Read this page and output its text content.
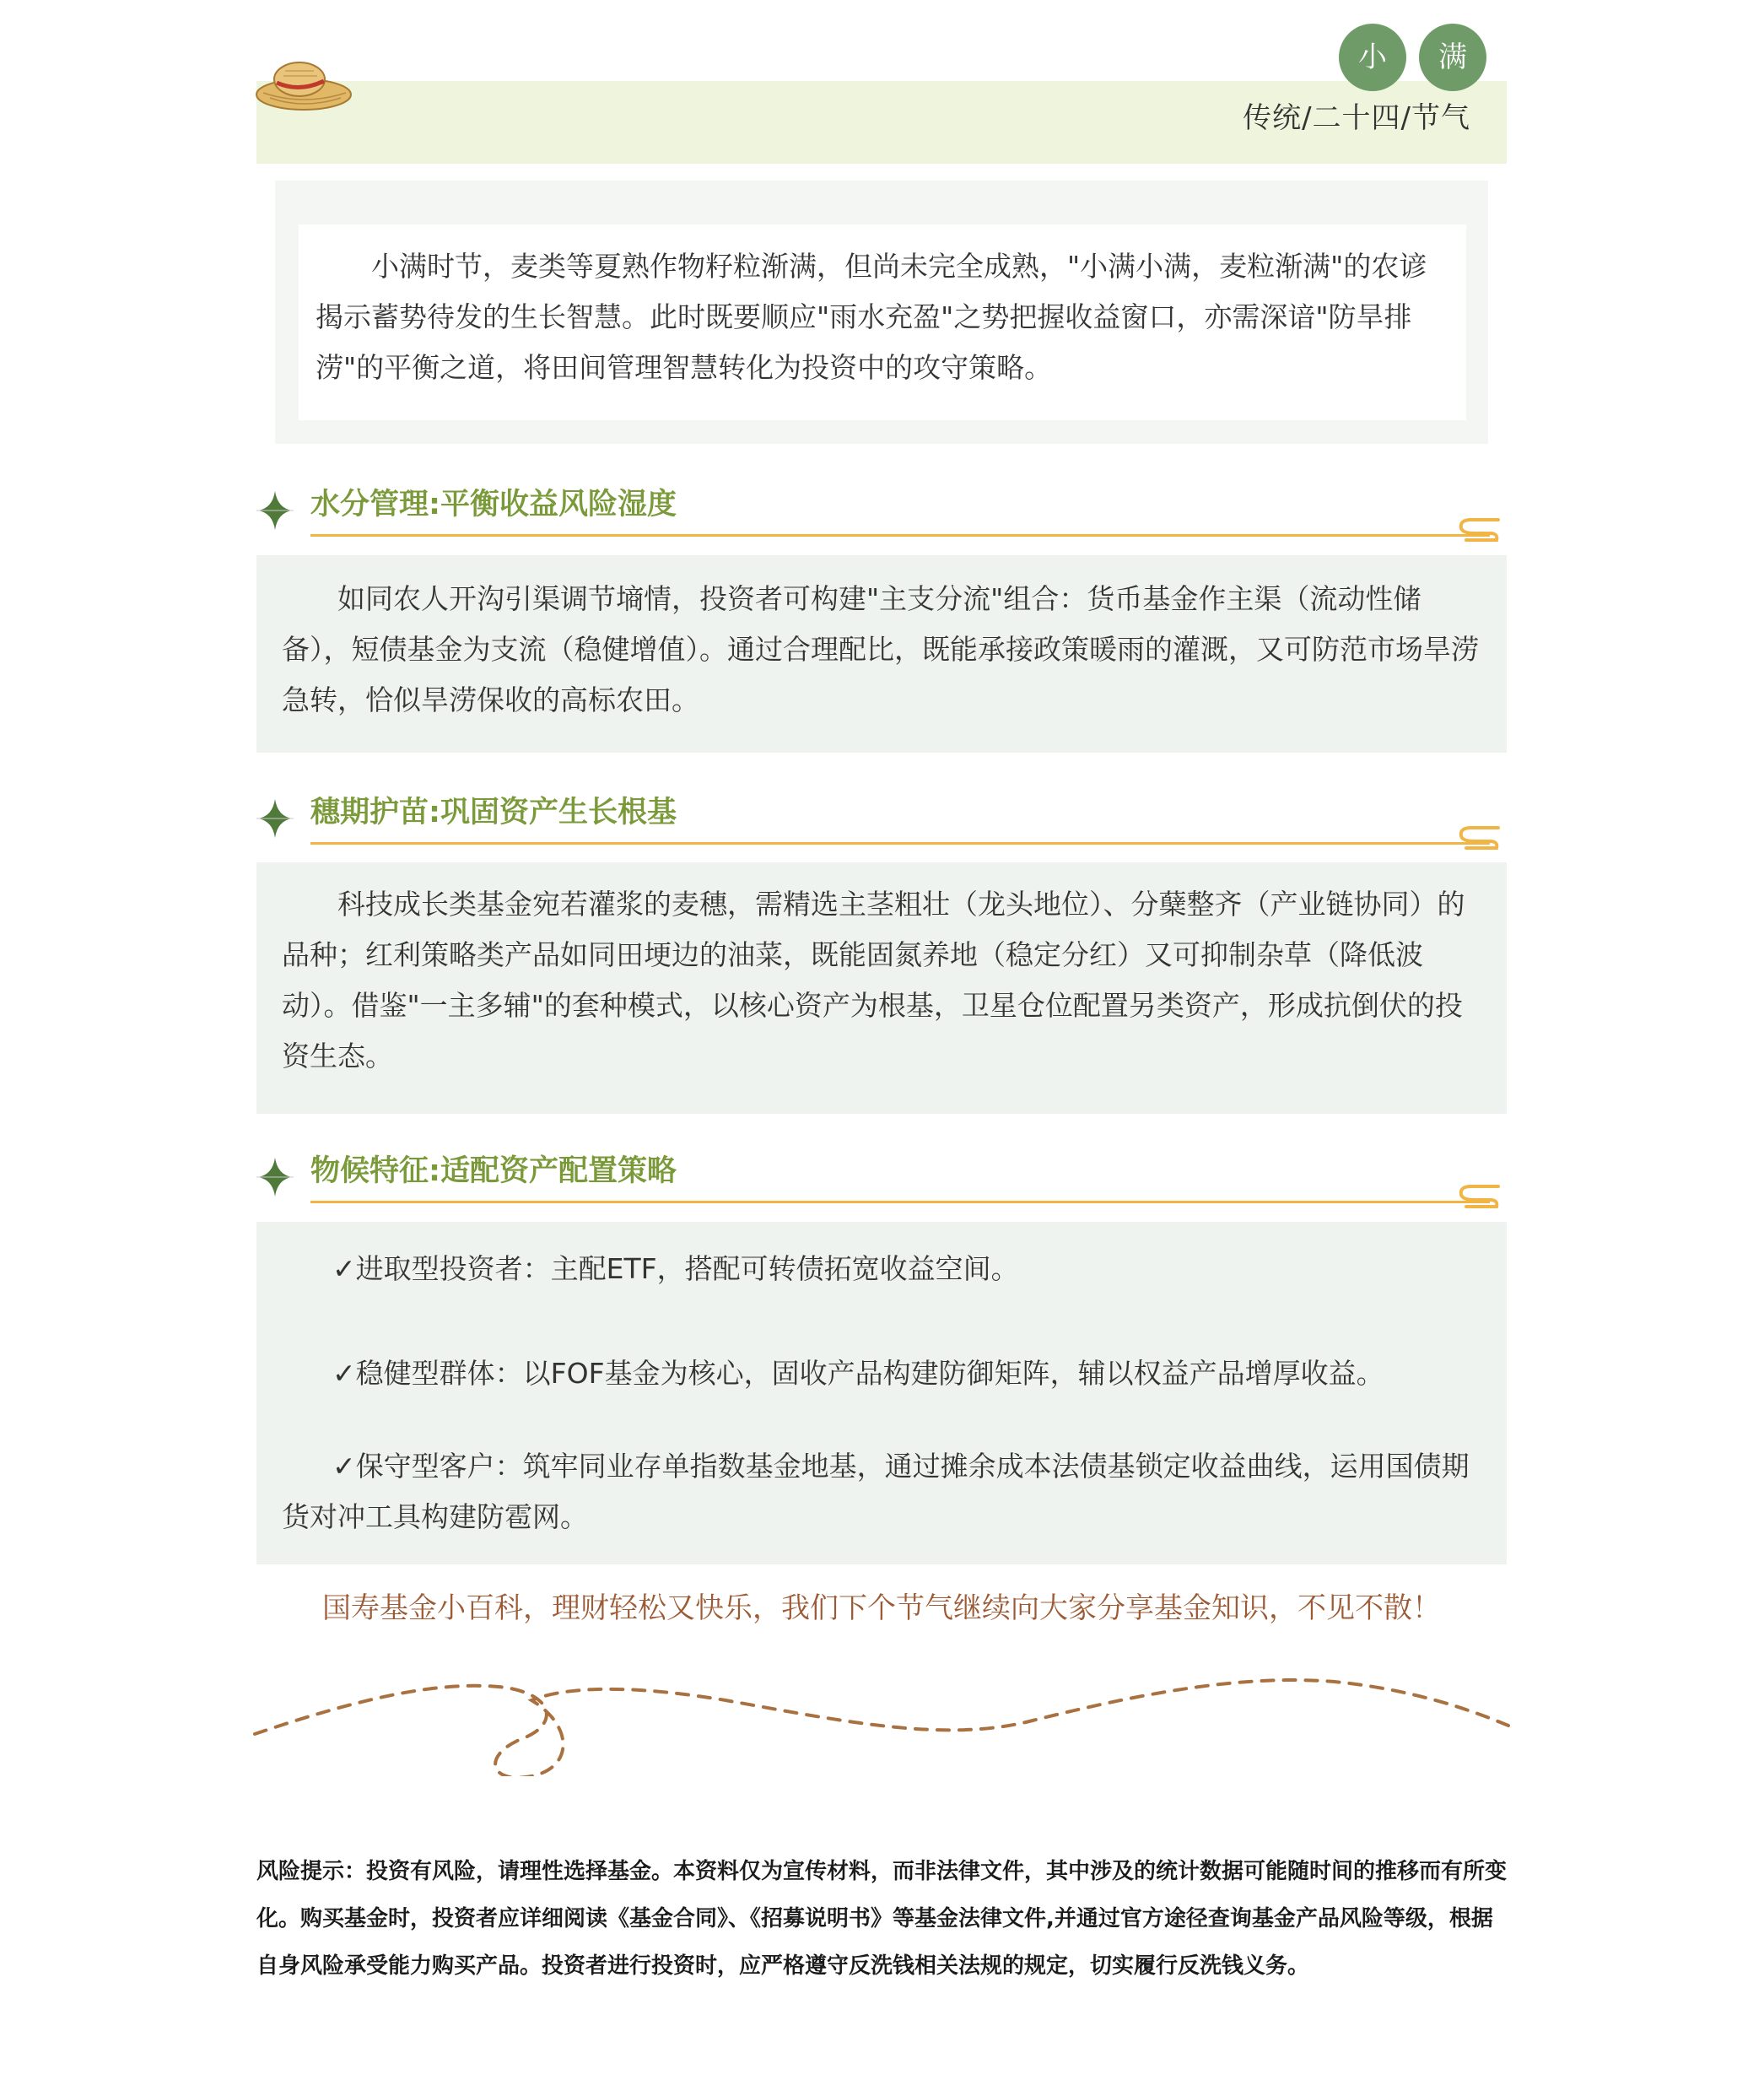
小	满
传统/二十四/节气

小满时节，麦类等夏熟作物籽粒渐满，但尚未完全成熟，"小满小满，麦粒渐满"的农谚揭示蓄势待发的生长智慧。此时既要顺应"雨水充盈"之势把握收益窗口，亦需深谙"防旱排涝"的平衡之道，将田间管理智慧转化为投资中的攻守策略。

水分管理:平衡收益风险湿度

如同农人开沟引渠调节墒情，投资者可构建"主支分流"组合：货币基金作主渠（流动性储备），短债基金为支流（稳健增值）。通过合理配比，既能承接政策暖雨的灌溉，又可防范市场旱涝急转，恰似旱涝保收的高标农田。

穗期护苗:巩固资产生长根基

科技成长类基金宛若灌浆的麦穗，需精选主茎粗壮（龙头地位）、分蘖整齐（产业链协同）的品种；红利策略类产品如同田埂边的油菜，既能固氮养地（稳定分红）又可抑制杂草（降低波动）。借鉴"一主多辅"的套种模式，以核心资产为根基，卫星仓位配置另类资产，形成抗倒伏的投资生态。

物候特征:适配资产配置策略

✓进取型投资者：主配ETF，搭配可转债拓宽收益空间。

✓稳健型群体：以FOF基金为核心，固收产品构建防御矩阵，辅以权益产品增厚收益。

✓保守型客户：筑牢同业存单指数基金地基，通过摊余成本法债基锁定收益曲线，运用国债期货对冲工具构建防雹网。

国寿基金小百科，理财轻松又快乐，我们下个节气继续向大家分享基金知识，不见不散！

风险提示：投资有风险，请理性选择基金。本资料仅为宣传材料，而非法律文件，其中涉及的统计数据可能随时间的推移而有所变化。购买基金时，投资者应详细阅读《基金合同》、《招募说明书》等基金法律文件,并通过官方途径查询基金产品风险等级，根据自身风险承受能力购买产品。投资者进行投资时，应严格遵守反洗钱相关法规的规定，切实履行反洗钱义务。
